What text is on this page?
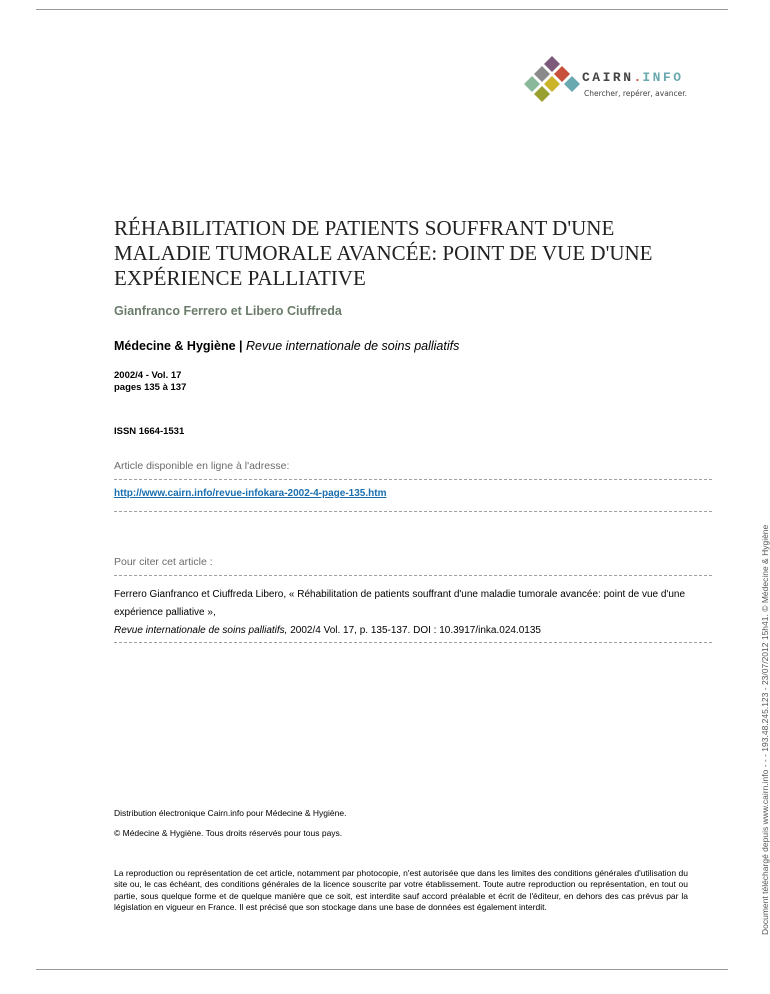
CAIRN.INFO
Chercher, repérer, avancer.
RÉHABILITATION DE PATIENTS SOUFFRANT D'UNE MALADIE TUMORALE AVANCÉE: POINT DE VUE D'UNE EXPÉRIENCE PALLIATIVE
Gianfranco Ferrero et Libero Ciuffreda
Médecine & Hygiène | Revue internationale de soins palliatifs
2002/4 - Vol. 17
pages 135 à 137
ISSN 1664-1531
Article disponible en ligne à l'adresse:
http://www.cairn.info/revue-infokara-2002-4-page-135.htm
Pour citer cet article :
Ferrero Gianfranco et Ciuffreda Libero, « Réhabilitation de patients souffrant d'une maladie tumorale avancée: point de vue d'une expérience palliative »,
Revue internationale de soins palliatifs, 2002/4 Vol. 17, p. 135-137. DOI : 10.3917/inka.024.0135
Distribution électronique Cairn.info pour Médecine & Hygiène.
© Médecine & Hygiène. Tous droits réservés pour tous pays.
La reproduction ou représentation de cet article, notamment par photocopie, n'est autorisée que dans les limites des conditions générales d'utilisation du site ou, le cas échéant, des conditions générales de la licence souscrite par votre établissement. Toute autre reproduction ou représentation, en tout ou partie, sous quelque forme et de quelque manière que ce soit, est interdite sauf accord préalable et écrit de l'éditeur, en dehors des cas prévus par la législation en vigueur en France. Il est précisé que son stockage dans une base de données est également interdit.	Document téléchargé depuis www.cairn.info - - - 193.48.245.123 - 23/07/2012 15h41. © Médecine & Hygiène
